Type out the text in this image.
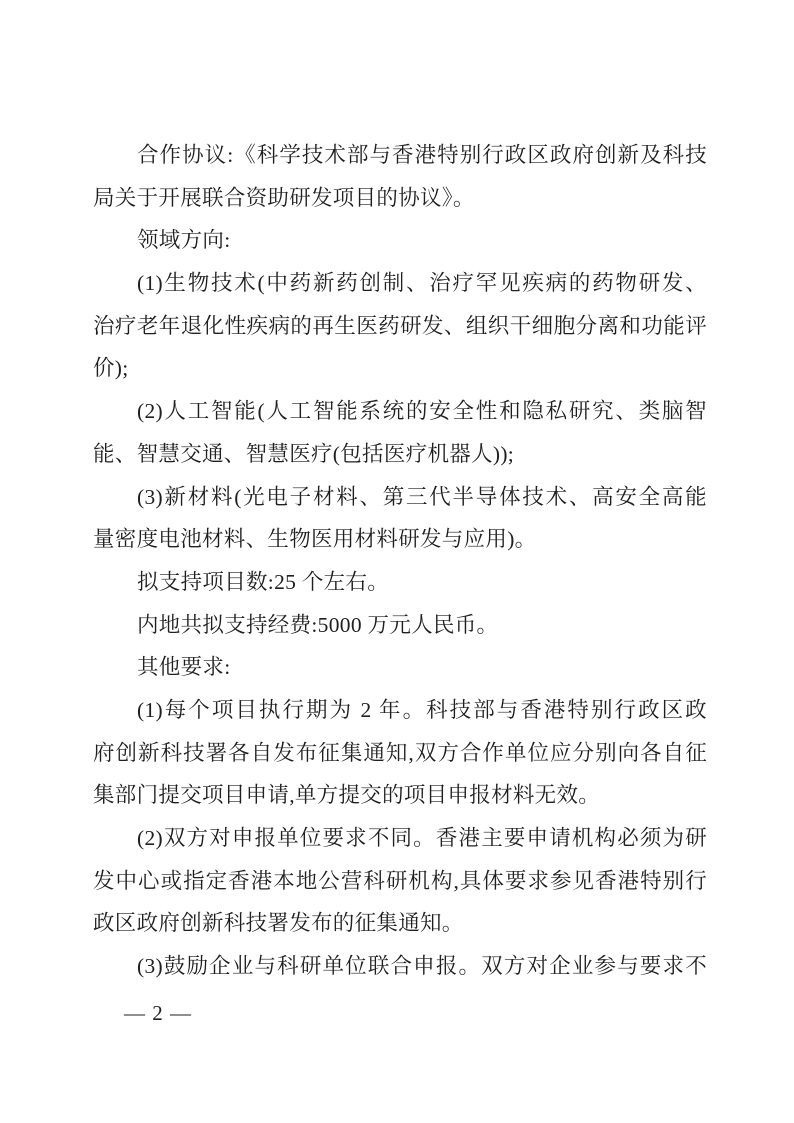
合作协议:《科学技术部与香港特别行政区政府创新及科技
局关于开展联合资助研发项目的协议》。
领域方向:
(1)生物技术(中药新药创制、治疗罕见疾病的药物研发、
治疗老年退化性疾病的再生医药研发、组织干细胞分离和功能评
价);
(2)人工智能(人工智能系统的安全性和隐私研究、类脑智
能、智慧交通、智慧医疗(包括医疗机器人));
(3)新材料(光电子材料、第三代半导体技术、高安全高能
量密度电池材料、生物医用材料研发与应用)。
拟支持项目数:25 个左右。
内地共拟支持经费:5000 万元人民币。
其他要求:
(1)每个项目执行期为 2 年。科技部与香港特别行政区政
府创新科技署各自发布征集通知,双方合作单位应分别向各自征
集部门提交项目申请,单方提交的项目申报材料无效。
(2)双方对申报单位要求不同。香港主要申请机构必须为研
发中心或指定香港本地公营科研机构,具体要求参见香港特别行
政区政府创新科技署发布的征集通知。
(3)鼓励企业与科研单位联合申报。双方对企业参与要求不
— 2 —
